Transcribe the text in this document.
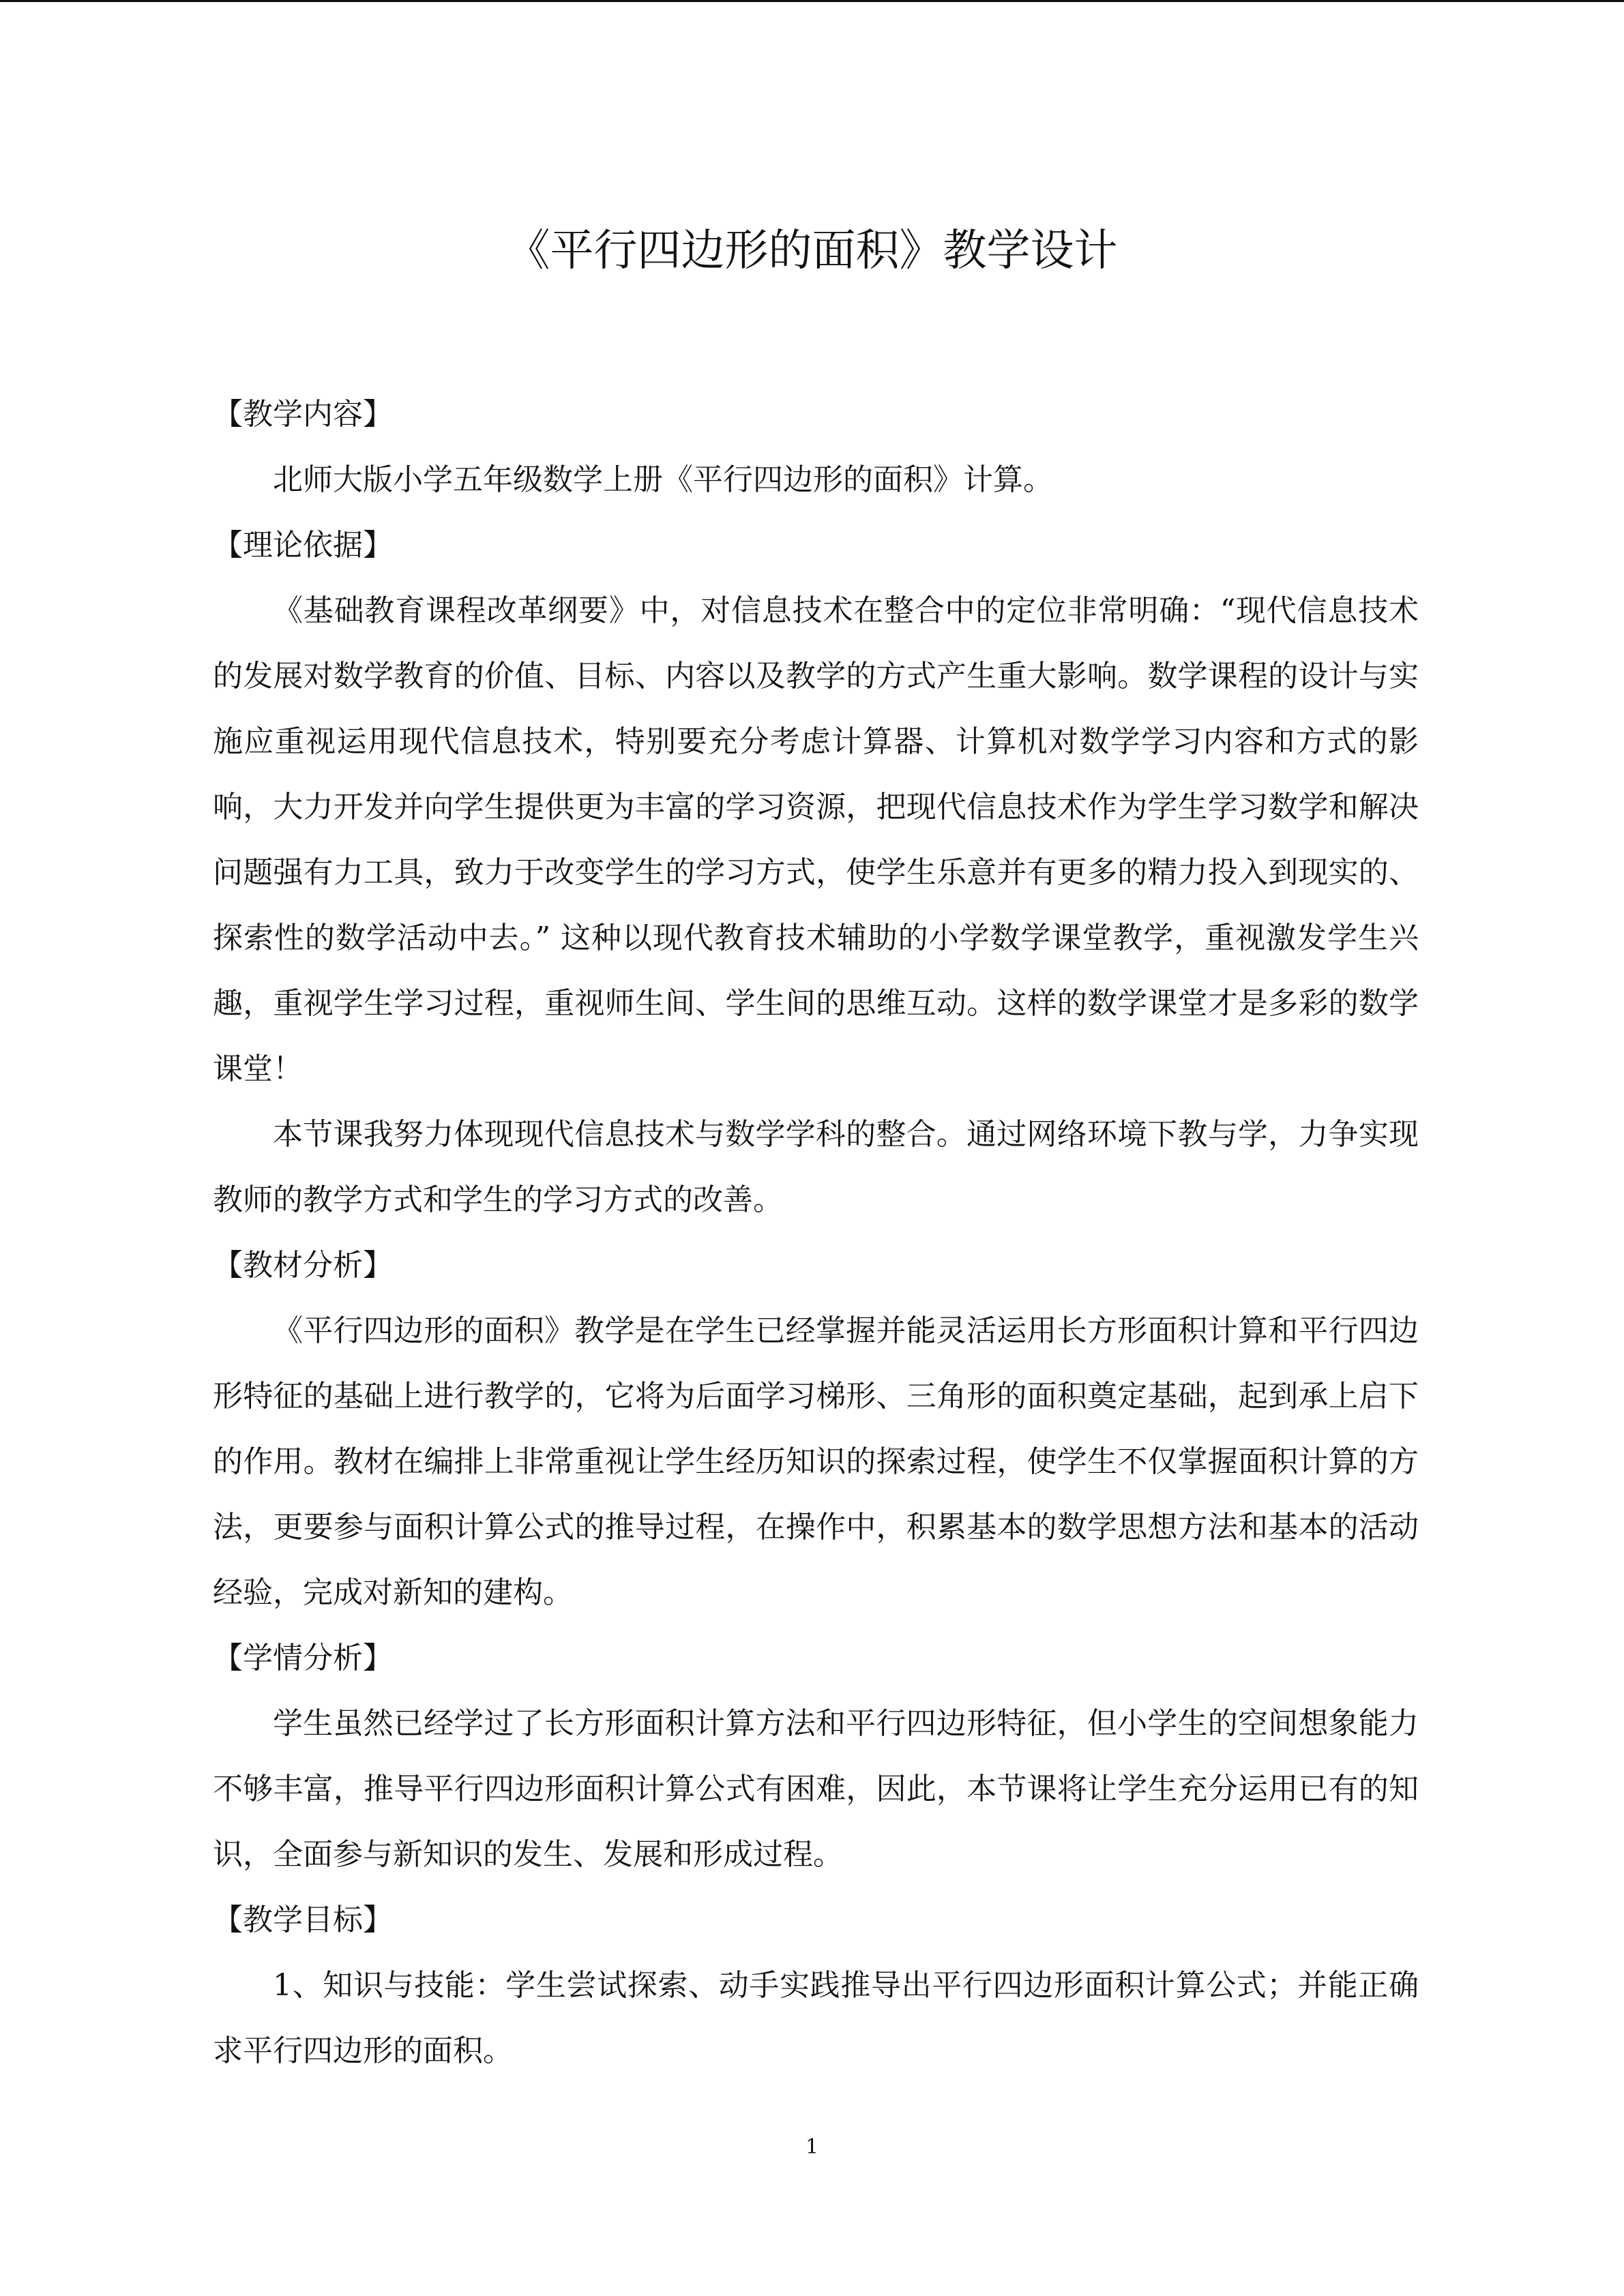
《平行四边形的面积》教学设计
【教学内容】

北师大版小学五年级数学上册《平行四边形的面积》计算。

【理论依据】

《基础教育课程改革纲要》中，对信息技术在整合中的定位非常明确：“现代信息技术的发展对数学教育的价值、目标、内容以及教学的方式产生重大影响。数学课程的设计与实施应重视运用现代信息技术，特别要充分考虑计算器、计算机对数学学习内容和方式的影响，大力开发并向学生提供更为丰富的学习资源，把现代信息技术作为学生学习数学和解决问题强有力工具，致力于改变学生的学习方式，使学生乐意并有更多的精力投入到现实的、探索性的数学活动中去。” 这种以现代教育技术辅助的小学数学课堂教学，重视激发学生兴趣，重视学生学习过程，重视师生间、学生间的思维互动。这样的数学课堂才是多彩的数学课堂！

本节课我努力体现现代信息技术与数学学科的整合。通过网络环境下教与学，力争实现教师的教学方式和学生的学习方式的改善。

【教材分析】

《平行四边形的面积》教学是在学生已经掌握并能灵活运用长方形面积计算和平行四边形特征的基础上进行教学的，它将为后面学习梯形、三角形的面积奠定基础，起到承上启下的作用。教材在编排上非常重视让学生经历知识的探索过程，使学生不仅掌握面积计算的方法，更要参与面积计算公式的推导过程，在操作中，积累基本的数学思想方法和基本的活动经验，完成对新知的建构。

【学情分析】

学生虽然已经学过了长方形面积计算方法和平行四边形特征，但小学生的空间想象能力不够丰富，推导平行四边形面积计算公式有困难，因此，本节课将让学生充分运用已有的知识，全面参与新知识的发生、发展和形成过程。

【教学目标】

1、知识与技能：学生尝试探索、动手实践推导出平行四边形面积计算公式；并能正确求平行四边形的面积。

1
